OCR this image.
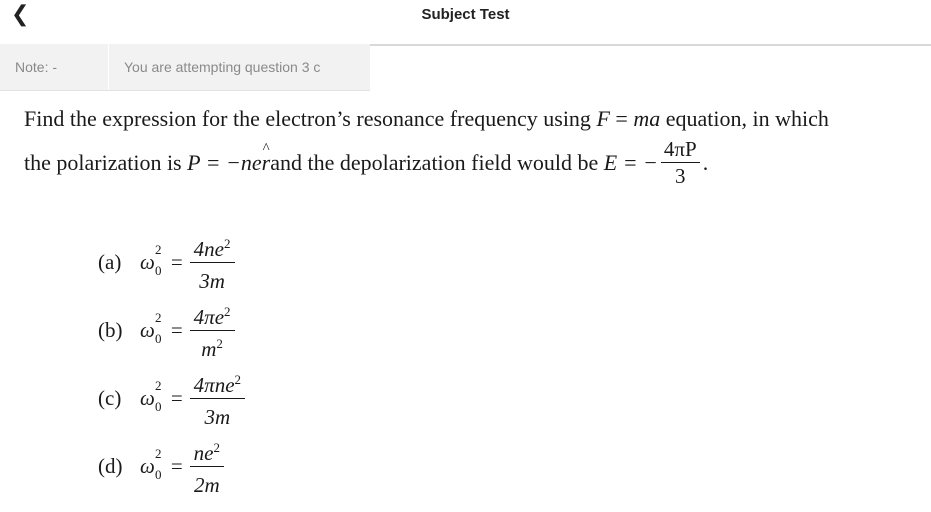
❮	Subject Test
Note: -	You are attempting question 3 c
Find the expression for the electron’s resonance frequency using F = ma equation, in which
the polarization is
P = −ne r ^ and the depolarization field would be
E = − $\frac{4\pi P}{3}$ .
(a) ω
2
$0 = \frac{4ne^2}{3m}$
(b) ω
2
$0 = \frac{4\pi e^2}{m^2}$
(c) ω
2
$0 = \frac{4\pi ne^2}{3m}$
(d) ω
2
$0 = \frac{ne^2}{2m}$
